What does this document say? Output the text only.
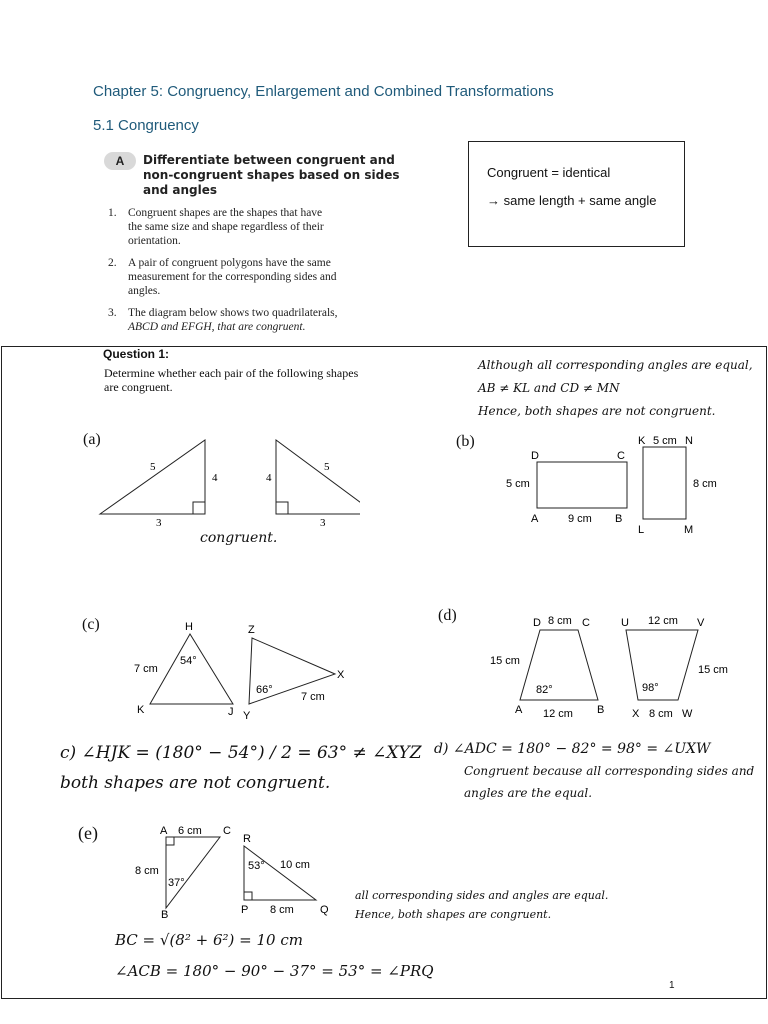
Chapter 5: Congruency, Enlargement and Combined Transformations
5.1 Congruency
A	Differentiate between congruent and
non-congruent shapes based on sides
and angles
1. Congruent shapes are the shapes that have
the same size and shape regardless of their
orientation.
2. A pair of congruent polygons have the same
measurement for the corresponding sides and
angles.
3. The diagram below shows two quadrilaterals,
ABCD and EFGH, that are congruent.
Congruent = identical
→ same length + same angle
Question 1:
Determine whether each pair of the following shapes
are congruent.
Although all corresponding angles are equal,
AB ≠ KL and CD ≠ MN
Hence, both shapes are not congruent.
(a)
5
4
3
5
4
3
congruent.
(b)
D	C
A	B
5 cm
9 cm
K	N
L	M
5 cm
8 cm
(c)	H
K	J
54°
7 cm
Z
X
Y
66°
7 cm
(d)	D	C
A	B
8 cm
15 cm
12 cm
82°
U	V
X	W
12 cm
15 cm
8 cm
98°
c) ∠HJK = (180° − 54°) / 2 = 63° ≠ ∠XYZ
both shapes are not congruent.
d) ∠ADC = 180° − 82° = 98° = ∠UXW
Congruent because all corresponding sides and
angles are the equal.
(e)	A	C
B
6 cm
8 cm
37°
R
P	Q
10 cm
8 cm
53°
all corresponding sides and angles are equal.
Hence, both shapes are congruent.
BC = √(8² + 6²) = 10 cm
∠ACB = 180° − 90° − 37° = 53° = ∠PRQ
1
